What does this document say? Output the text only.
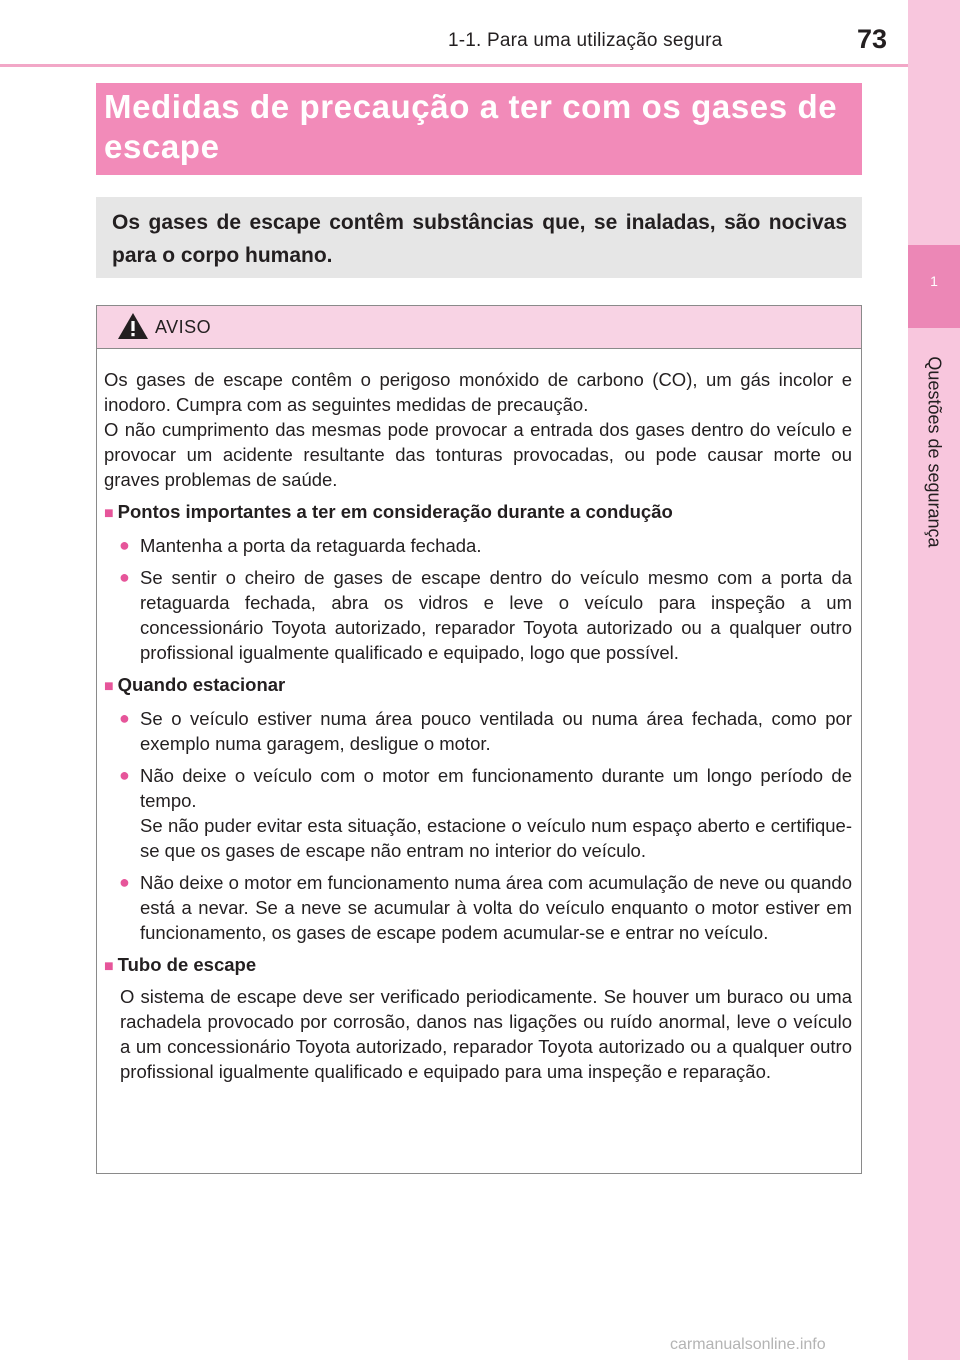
1-1. Para uma utilização segura	73
1
Questões de segurança
Medidas de precaução a ter com os gases de escape

Os gases de escape contêm substâncias que, se inaladas, são nocivas para o corpo humano.

AVISO

Os gases de escape contêm o perigoso monóxido de carbono (CO), um gás incolor e inodoro. Cumpra com as seguintes medidas de precaução.

O não cumprimento das mesmas pode provocar a entrada dos gases dentro do veículo e provocar um acidente resultante das tonturas provocadas, ou pode causar morte ou graves problemas de saúde.

■ Pontos importantes a ter em consideração durante a condução

● Mantenha a porta da retaguarda fechada.

● Se sentir o cheiro de gases de escape dentro do veículo mesmo com a porta da retaguarda fechada, abra os vidros e leve o veículo para inspeção a um concessionário Toyota autorizado, reparador Toyota autorizado ou a qualquer outro profissional igualmente qualificado e equipado, logo que possível.

■ Quando estacionar

● Se o veículo estiver numa área pouco ventilada ou numa área fechada, como por exemplo numa garagem, desligue o motor.

● Não deixe o veículo com o motor em funcionamento durante um longo período de tempo.
Se não puder evitar esta situação, estacione o veículo num espaço aberto e certifique-se que os gases de escape não entram no interior do veículo.

● Não deixe o motor em funcionamento numa área com acumulação de neve ou quando está a nevar. Se a neve se acumular à volta do veículo enquanto o motor estiver em funcionamento, os gases de escape podem acumular-se e entrar no veículo.

■ Tubo de escape

O sistema de escape deve ser verificado periodicamente. Se houver um buraco ou uma rachadela provocado por corrosão, danos nas ligações ou ruído anormal, leve o veículo a um concessionário Toyota autorizado, reparador Toyota autorizado ou a qualquer outro profissional igualmente qualificado e equipado para uma inspeção e reparação.

carmanualsonline.info
